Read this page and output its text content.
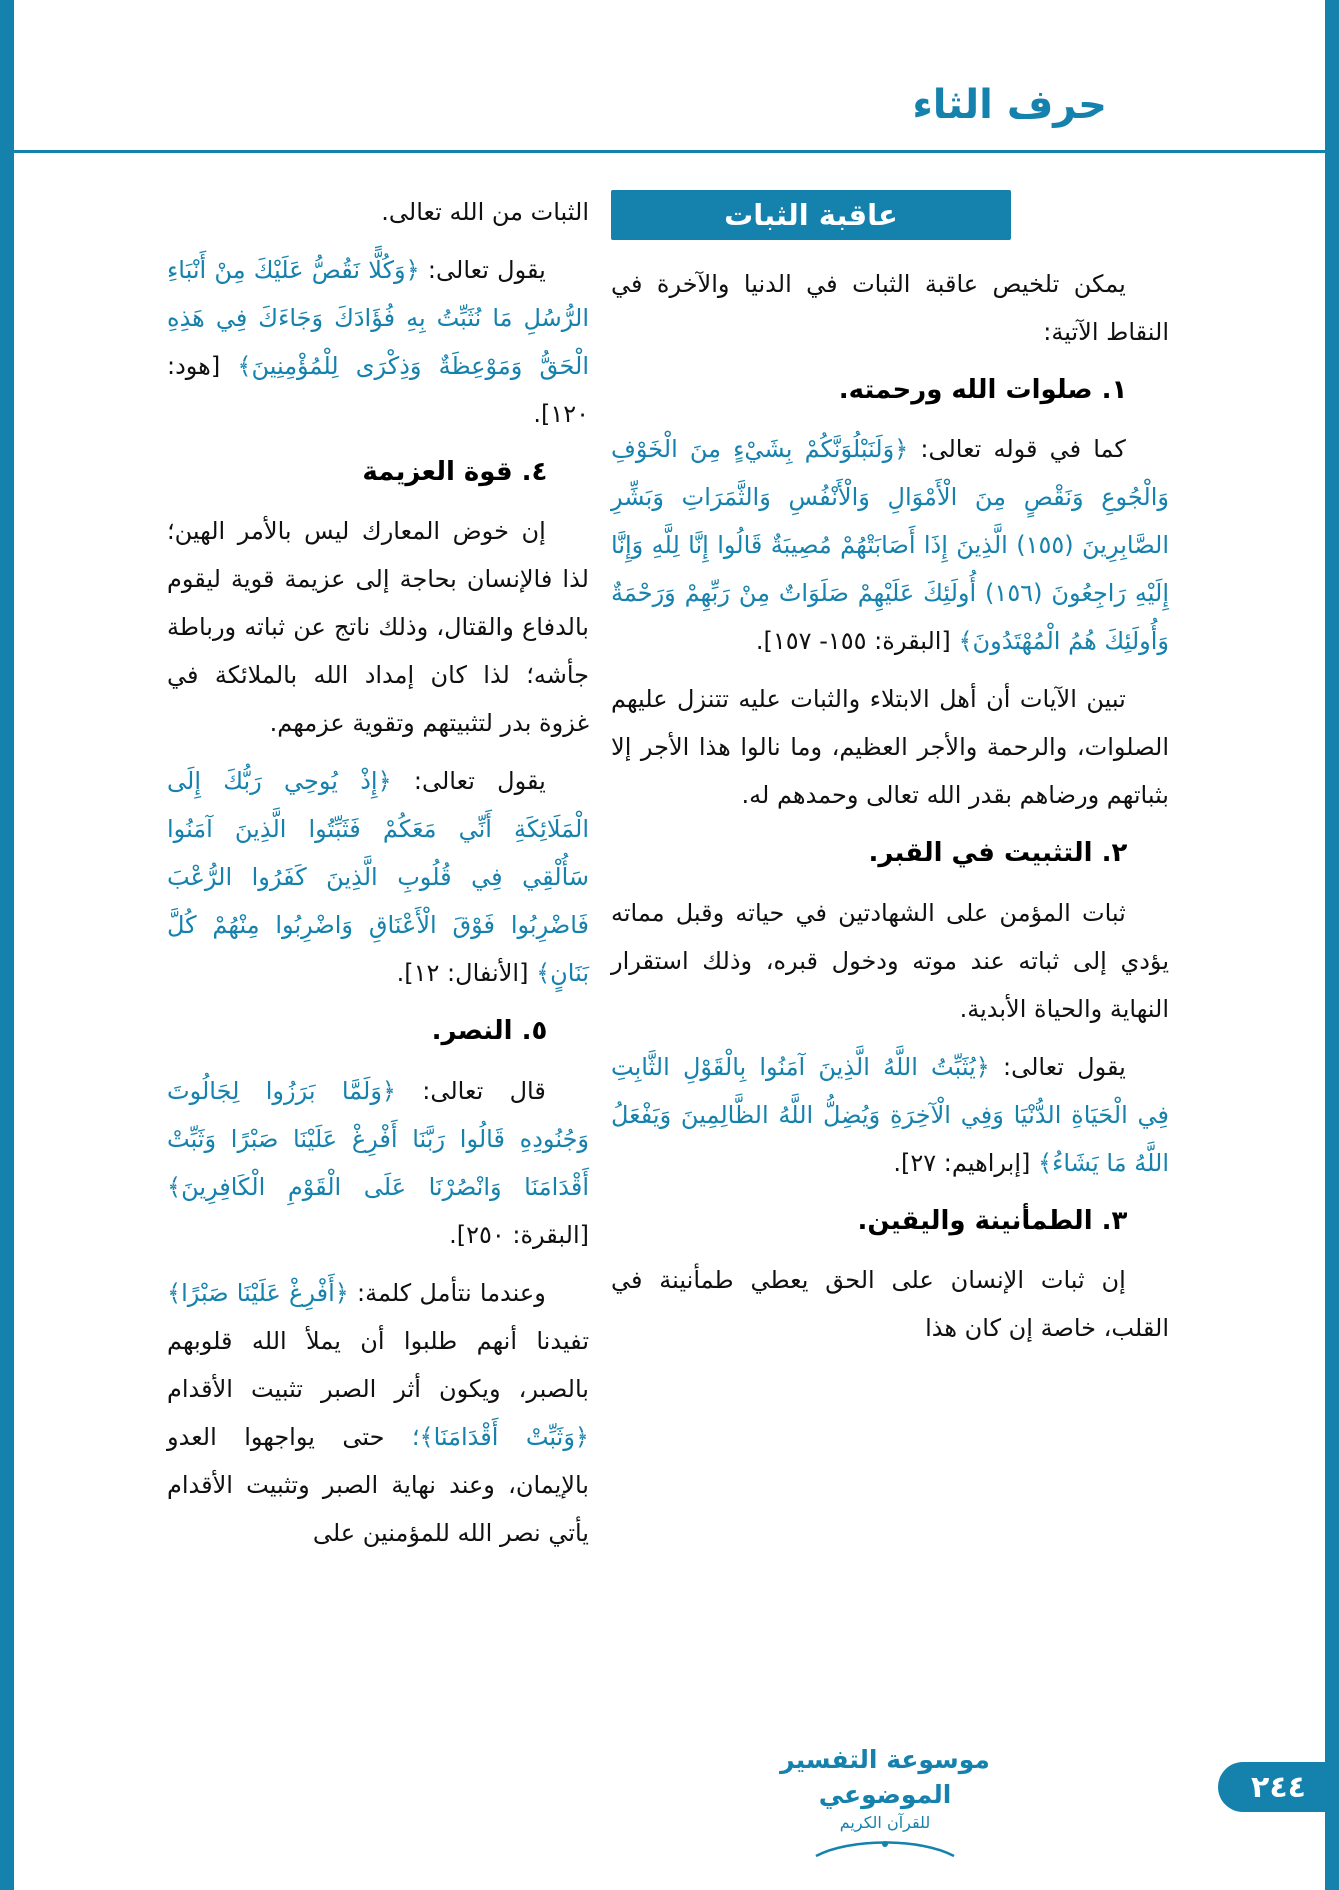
حرف الثاء
عاقبة الثبات

يمكن تلخيص عاقبة الثبات في الدنيا والآخرة في النقاط الآتية:

١. صلوات الله ورحمته.

كما في قوله تعالى: ﴿وَلَنَبْلُوَنَّكُمْ بِشَيْءٍ مِنَ الْخَوْفِ وَالْجُوعِ وَنَقْصٍ مِنَ الْأَمْوَالِ وَالْأَنْفُسِ وَالثَّمَرَاتِ وَبَشِّرِ الصَّابِرِينَ (١٥٥) الَّذِينَ إِذَا أَصَابَتْهُمْ مُصِيبَةٌ قَالُوا إِنَّا لِلَّهِ وَإِنَّا إِلَيْهِ رَاجِعُونَ (١٥٦) أُولَئِكَ عَلَيْهِمْ صَلَوَاتٌ مِنْ رَبِّهِمْ وَرَحْمَةٌ وَأُولَئِكَ هُمُ الْمُهْتَدُونَ﴾ [البقرة: ١٥٥- ١٥٧].

تبين الآيات أن أهل الابتلاء والثبات عليه تتنزل عليهم الصلوات، والرحمة والأجر العظيم، وما نالوا هذا الأجر إلا بثباتهم ورضاهم بقدر الله تعالى وحمدهم له.

٢. التثبيت في القبر.

ثبات المؤمن على الشهادتين في حياته وقبل مماته يؤدي إلى ثباته عند موته ودخول قبره، وذلك استقرار النهاية والحياة الأبدية.

يقول تعالى: ﴿يُثَبِّتُ اللَّهُ الَّذِينَ آمَنُوا بِالْقَوْلِ الثَّابِتِ فِي الْحَيَاةِ الدُّنْيَا وَفِي الْآخِرَةِ وَيُضِلُّ اللَّهُ الظَّالِمِينَ وَيَفْعَلُ اللَّهُ مَا يَشَاءُ﴾ [إبراهيم: ٢٧].

٣. الطمأنينة واليقين.

إن ثبات الإنسان على الحق يعطي طمأنينة في القلب، خاصة إن كان هذا

الثبات من الله تعالى.

يقول تعالى: ﴿وَكُلًّا نَقُصُّ عَلَيْكَ مِنْ أَنْبَاءِ الرُّسُلِ مَا نُثَبِّتُ بِهِ فُؤَادَكَ وَجَاءَكَ فِي هَذِهِ الْحَقُّ وَمَوْعِظَةٌ وَذِكْرَى لِلْمُؤْمِنِينَ﴾ [هود: ١٢٠].

٤. قوة العزيمة

إن خوض المعارك ليس بالأمر الهين؛ لذا فالإنسان بحاجة إلى عزيمة قوية ليقوم بالدفاع والقتال، وذلك ناتج عن ثباته ورباطة جأشه؛ لذا كان إمداد الله بالملائكة في غزوة بدر لتثبيتهم وتقوية عزمهم.

يقول تعالى: ﴿إِذْ يُوحِي رَبُّكَ إِلَى الْمَلَائِكَةِ أَنِّي مَعَكُمْ فَثَبِّتُوا الَّذِينَ آمَنُوا سَأُلْقِي فِي قُلُوبِ الَّذِينَ كَفَرُوا الرُّعْبَ فَاضْرِبُوا فَوْقَ الْأَعْنَاقِ وَاضْرِبُوا مِنْهُمْ كُلَّ بَنَانٍ﴾ [الأنفال: ١٢].

٥. النصر.

قال تعالى: ﴿وَلَمَّا بَرَزُوا لِجَالُوتَ وَجُنُودِهِ قَالُوا رَبَّنَا أَفْرِغْ عَلَيْنَا صَبْرًا وَثَبِّتْ أَقْدَامَنَا وَانْصُرْنَا عَلَى الْقَوْمِ الْكَافِرِينَ﴾ [البقرة: ٢٥٠].

وعندما نتأمل كلمة: ﴿أَفْرِغْ عَلَيْنَا صَبْرًا﴾ تفيدنا أنهم طلبوا أن يملأ الله قلوبهم بالصبر، ويكون أثر الصبر تثبيت الأقدام ﴿وَثَبِّتْ أَقْدَامَنَا﴾؛ حتى يواجهوا العدو بالإيمان، وعند نهاية الصبر وتثبيت الأقدام يأتي نصر الله للمؤمنين على

موسوعة التفسير الموضوعي
للقرآن الكريم
٢٤٤
